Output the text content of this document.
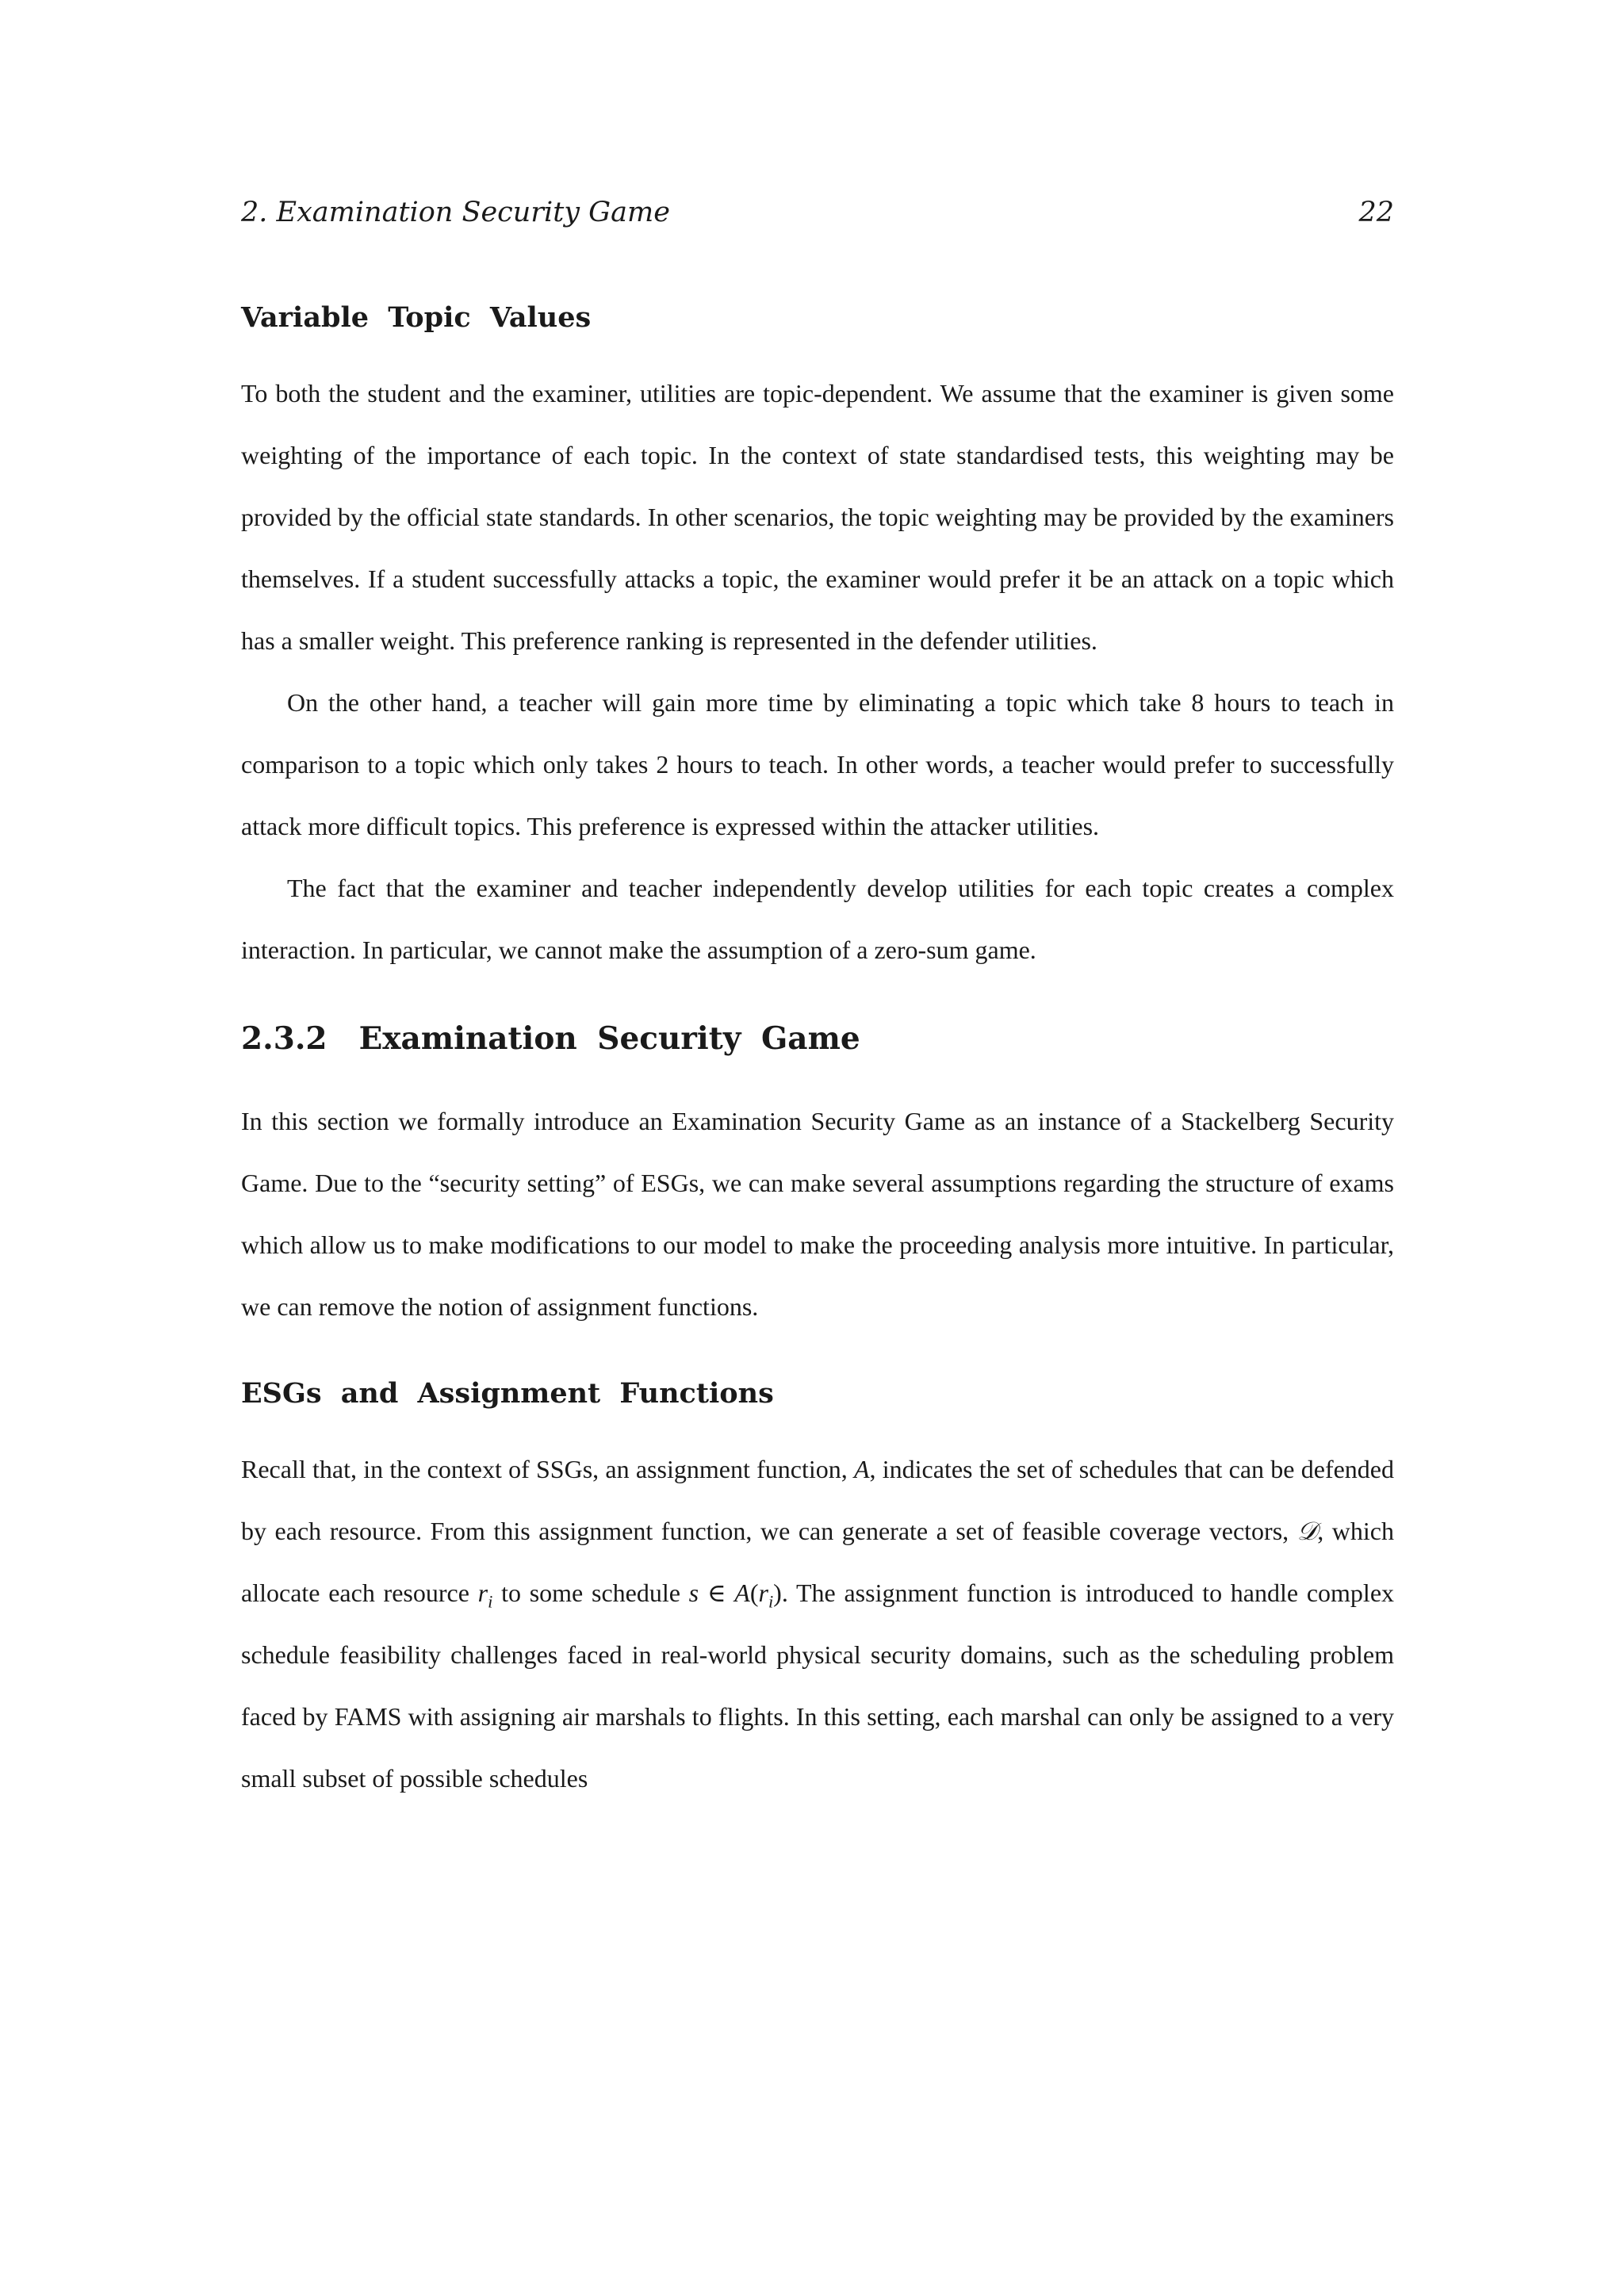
2. Examination Security Game	22
Variable Topic Values

To both the student and the examiner, utilities are topic-dependent. We assume that the examiner is given some weighting of the importance of each topic. In the context of state standardised tests, this weighting may be provided by the official state standards. In other scenarios, the topic weighting may be provided by the examiners themselves. If a student successfully attacks a topic, the examiner would prefer it be an attack on a topic which has a smaller weight. This preference ranking is represented in the defender utilities.

On the other hand, a teacher will gain more time by eliminating a topic which take 8 hours to teach in comparison to a topic which only takes 2 hours to teach. In other words, a teacher would prefer to successfully attack more difficult topics. This preference is expressed within the attacker utilities.

The fact that the examiner and teacher independently develop utilities for each topic creates a complex interaction. In particular, we cannot make the assumption of a zero-sum game.

2.3.2 Examination Security Game

In this section we formally introduce an Examination Security Game as an instance of a Stackelberg Security Game. Due to the “security setting” of ESGs, we can make several assumptions regarding the structure of exams which allow us to make modifications to our model to make the proceeding analysis more intuitive. In particular, we can remove the notion of assignment functions.

ESGs and Assignment Functions

Recall that, in the context of SSGs, an assignment function, A, indicates the set of schedules that can be defended by each resource. From this assignment function, we can generate a set of feasible coverage vectors, 𝒟, which allocate each resource $r_i$ to some schedule s ∈ $A(r_i)$. The assignment function is introduced to handle complex schedule feasibility challenges faced in real-world physical security domains, such as the scheduling problem faced by FAMS with assigning air marshals to flights. In this setting, each marshal can only be assigned to a very small subset of possible schedules
